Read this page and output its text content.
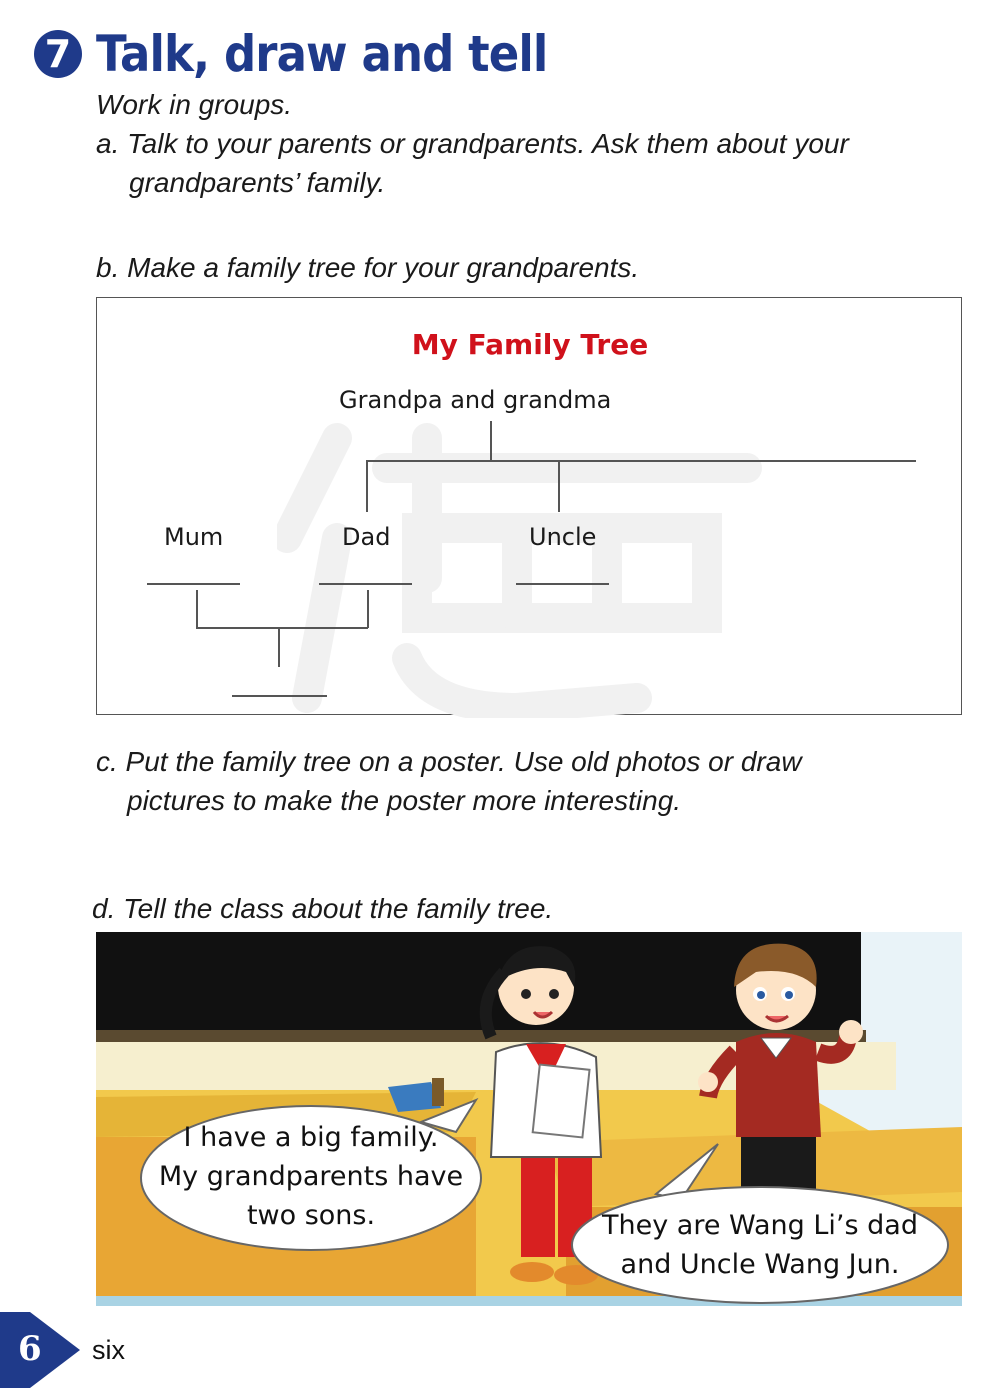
7 Talk, draw and tell
Work in groups.
a. Talk to your parents or grandparents. Ask them about your
grandparents’ family.
b. Make a family tree for your grandparents.
My Family Tree
Grandpa and grandma
Mum	Dad	Uncle
c. Put the family tree on a poster. Use old photos or draw
pictures to make the poster more interesting.
d. Tell the class about the family tree.
I have a big family.
My grandparents have
two sons.	They are Wang Li’s dad
and Uncle Wang Jun.
6 six
